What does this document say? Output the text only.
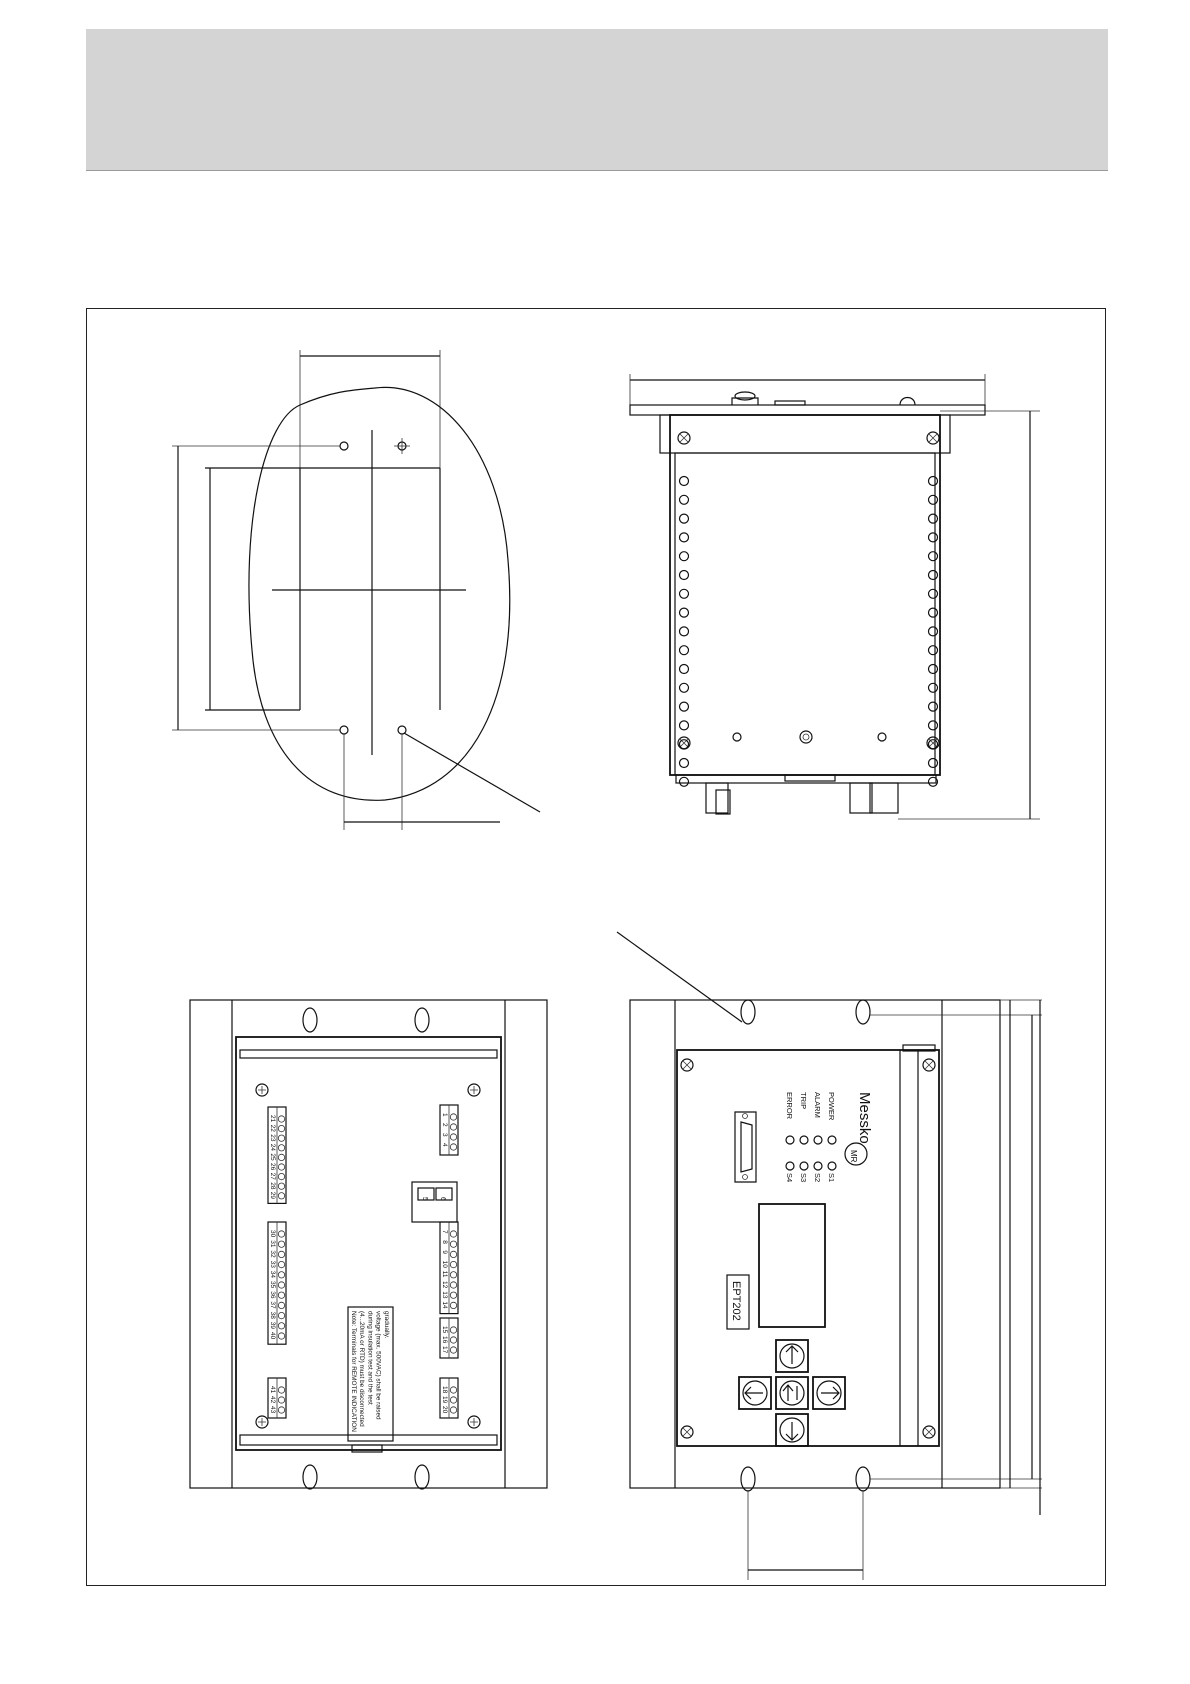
21
22
23
24
25
26
27
28
29
30
31
32
33
34
35
36
37
38
39
40
41
42
43
1
2
3
4
7
8
9
10
11
12
13
14
15
16
17
18
19
20
5 6
Note: Terminals for REMOTE INDICATION (4...20mA or RTD) must be disconnected during insulation test and the test voltage (max. 500VAC) shall be raised gradually.
Messko
MR
POWER
ALARM
TRIP
ERROR
S1
S2
S3
S4
EPT202
